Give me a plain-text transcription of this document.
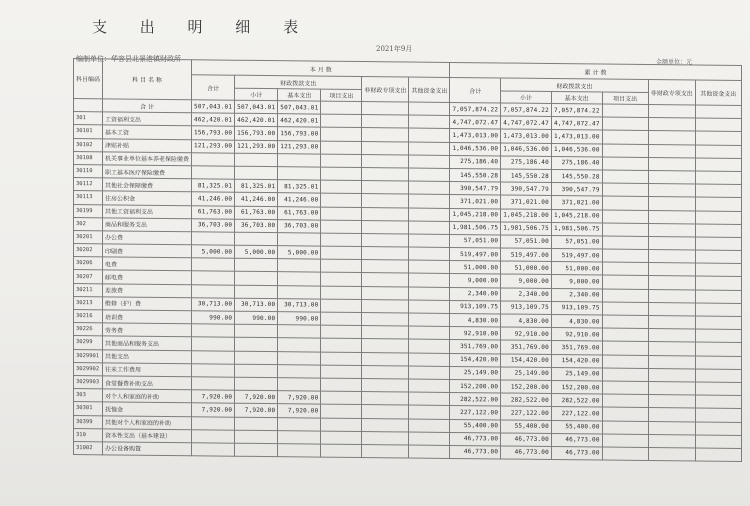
支 出 明 细 表
2021年9月
编制单位：华容县北景港镇财政所	金额单位：元
科目编码	科 目 名 称	本 月 数						累 计 数					
		合计	财政拨款支出			非财政专项支出	其他资金支出	合计	财政拨款支出			非财政专项支出	其他资金支出
			小计	基本支出	项目支出				小计	基本支出	项目支出		
	合 计	507,043.01	507,043.01	507,043.01				7,057,874.22	7,057,874.22	7,057,874.22			
301	工资福利支出	462,420.01	462,420.01	462,420.01				4,747,072.47	4,747,072.47	4,747,072.47			
30101	基本工资	156,793.00	156,793.00	156,793.00				1,473,013.00	1,473,013.00	1,473,013.00			
30102	津贴补贴	121,293.00	121,293.00	121,293.00				1,046,536.00	1,046,536.00	1,046,536.00			
30108	机关事业单位基本养老保险缴费							275,186.40	275,186.40	275,186.40			
30110	职工基本医疗保险缴费							145,550.28	145,550.28	145,550.28			
30112	其他社会保障缴费	81,325.01	81,325.01	81,325.01				390,547.79	390,547.79	390,547.79			
30113	住房公积金	41,246.00	41,246.00	41,246.00				371,021.00	371,021.00	371,021.00			
30199	其他工资福利支出	61,763.00	61,763.00	61,763.00				1,045,218.00	1,045,218.00	1,045,218.00			
302	商品和服务支出	36,703.00	36,703.00	36,703.00				1,981,506.75	1,981,506.75	1,981,506.75			
30201	办公费							57,051.00	57,051.00	57,051.00			
30202	印刷费	5,000.00	5,000.00	5,000.00				519,497.00	519,497.00	519,497.00			
30206	电费							51,000.00	51,000.00	51,000.00			
30207	邮电费							9,000.00	9,000.00	9,000.00			
30211	差旅费							2,340.00	2,340.00	2,340.00			
30213	维修（护）费	30,713.00	30,713.00	30,713.00				913,109.75	913,109.75	913,109.75			
30216	培训费	990.00	990.00	990.00				4,830.00	4,830.00	4,830.00			
30226	劳务费							92,910.00	92,910.00	92,910.00			
30299	其他商品和服务支出							351,769.00	351,769.00	351,769.00			
3029901	其他支出							154,420.00	154,420.00	154,420.00			
3029902	往来工作费用							25,149.00	25,149.00	25,149.00			
3029903	食堂餐费补助支出							152,200.00	152,200.00	152,200.00			
303	对个人和家庭的补助	7,920.00	7,920.00	7,920.00				282,522.00	282,522.00	282,522.00			
30301	抚恤金	7,920.00	7,920.00	7,920.00				227,122.00	227,122.00	227,122.00			
30399	其他对个人和家庭的补助							55,400.00	55,400.00	55,400.00			
310	资本性支出（基本建设）							46,773.00	46,773.00	46,773.00			
31002	办公设备购置							46,773.00	46,773.00	46,773.00			
